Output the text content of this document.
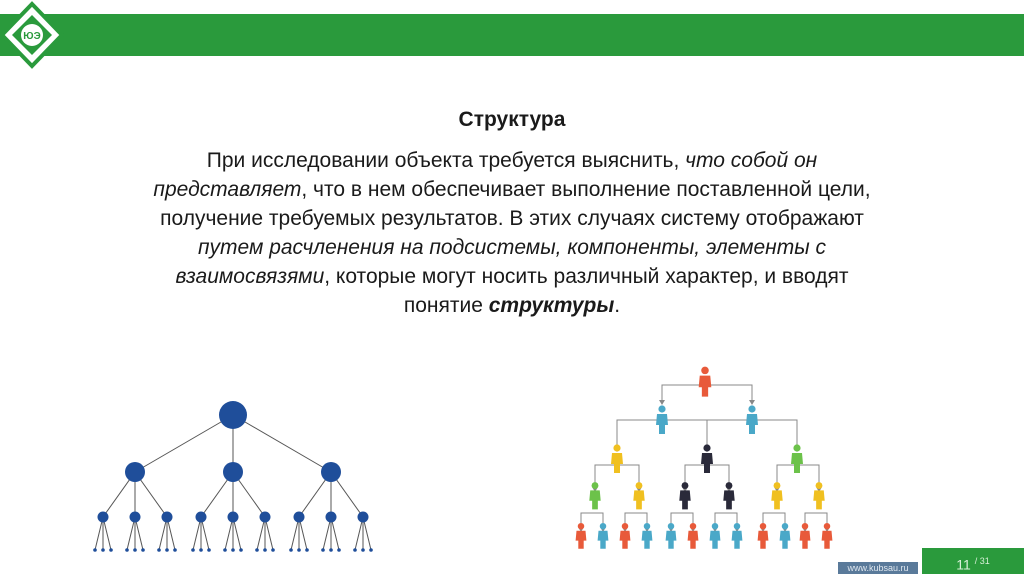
ЮЭ
Структура

При исследовании объекта требуется выяснить, что собой он

представляет, что в нем обеспечивает выполнение поставленной цели,

получение требуемых результатов. В этих случаях систему отображают

путем расчленения на подсистемы, компоненты, элементы с

взаимосвязями, которые могут носить различный характер, и вводят

понятие структуры.

www.kubsau.ru	11 $^{/ 31}$
